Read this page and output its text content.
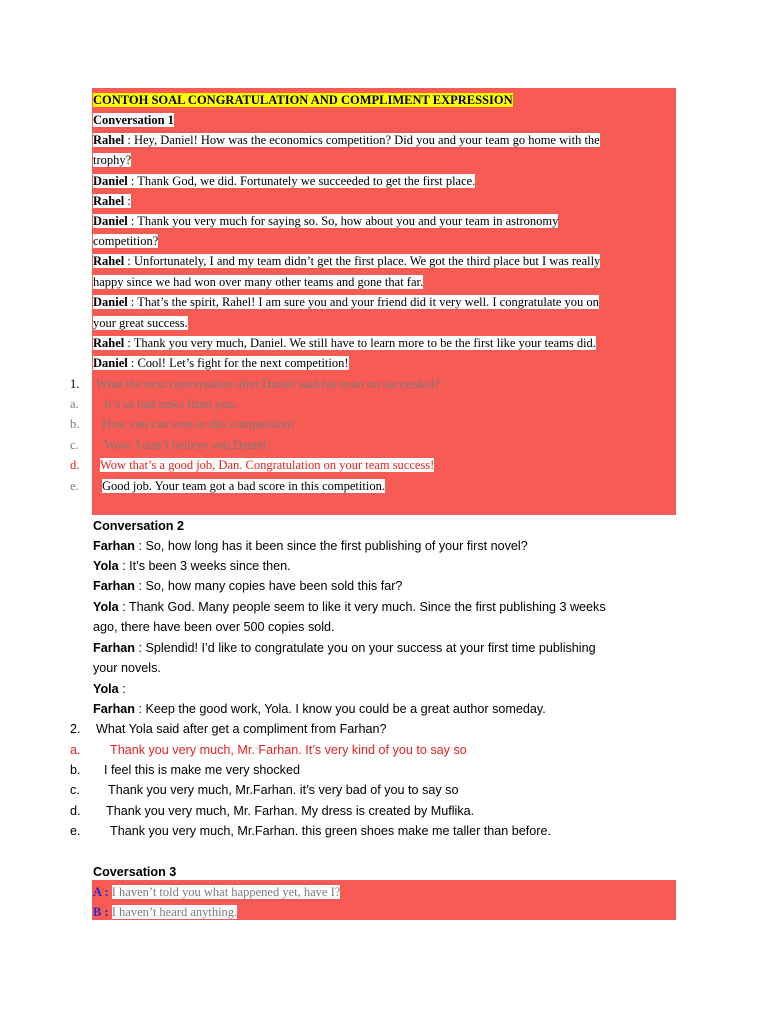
CONTOH SOAL CONGRATULATION AND COMPLIMENT EXPRESSION
Conversation 1
Rahel : Hey, Daniel! How was the economics competition? Did you and your team go home with the
trophy?
Daniel : Thank God, we did. Fortunately we succeeded to get the first place.
Rahel :
Daniel : Thank you very much for saying so. So, how about you and your team in astronomy
competition?
Rahel : Unfortunately, I and my team didn’t get the first place. We got the third place but I was really
happy since we had won over many other teams and gone that far.
Daniel : That’s the spirit, Rahel! I am sure you and your friend did it very well. I congratulate you on
your great success.
Rahel : Thank you very much, Daniel. We still have to learn more to be the first like your teams did.
Daniel : Cool! Let’s fight for the next competition!
1. What the next conversation after Daniel said his team on succeeded?
a. It’s so bad news from you.
b. How you can won in this competition?
c. Wow, I don’t believe you Daniel.
d. Wow that’s a good job, Dan. Congratulation on your team success!
e. Good job. Your team got a bad score in this competition.
Conversation 2
Farhan : So, how long has it been since the first publishing of your first novel?
Yola : It’s been 3 weeks since then.
Farhan : So, how many copies have been sold this far?
Yola : Thank God. Many people seem to like it very much. Since the first publishing 3 weeks
ago, there have been over 500 copies sold.
Farhan : Splendid! I’d like to congratulate you on your success at your first time publishing
your novels.
Yola :
Farhan : Keep the good work, Yola. I know you could be a great author someday.
2. What Yola said after get a compliment from Farhan?
a. Thank you very much, Mr. Farhan. It’s very kind of you to say so
b. I feel this is make me very shocked
c. Thank you very much, Mr.Farhan. it’s very bad of you to say so
d. Thank you very much, Mr. Farhan. My dress is created by Muflika.
e. Thank you very much, Mr.Farhan. this green shoes make me taller than before.
Coversation 3
A : I haven’t told you what happened yet, have I?
B : I haven’t heard anything.
